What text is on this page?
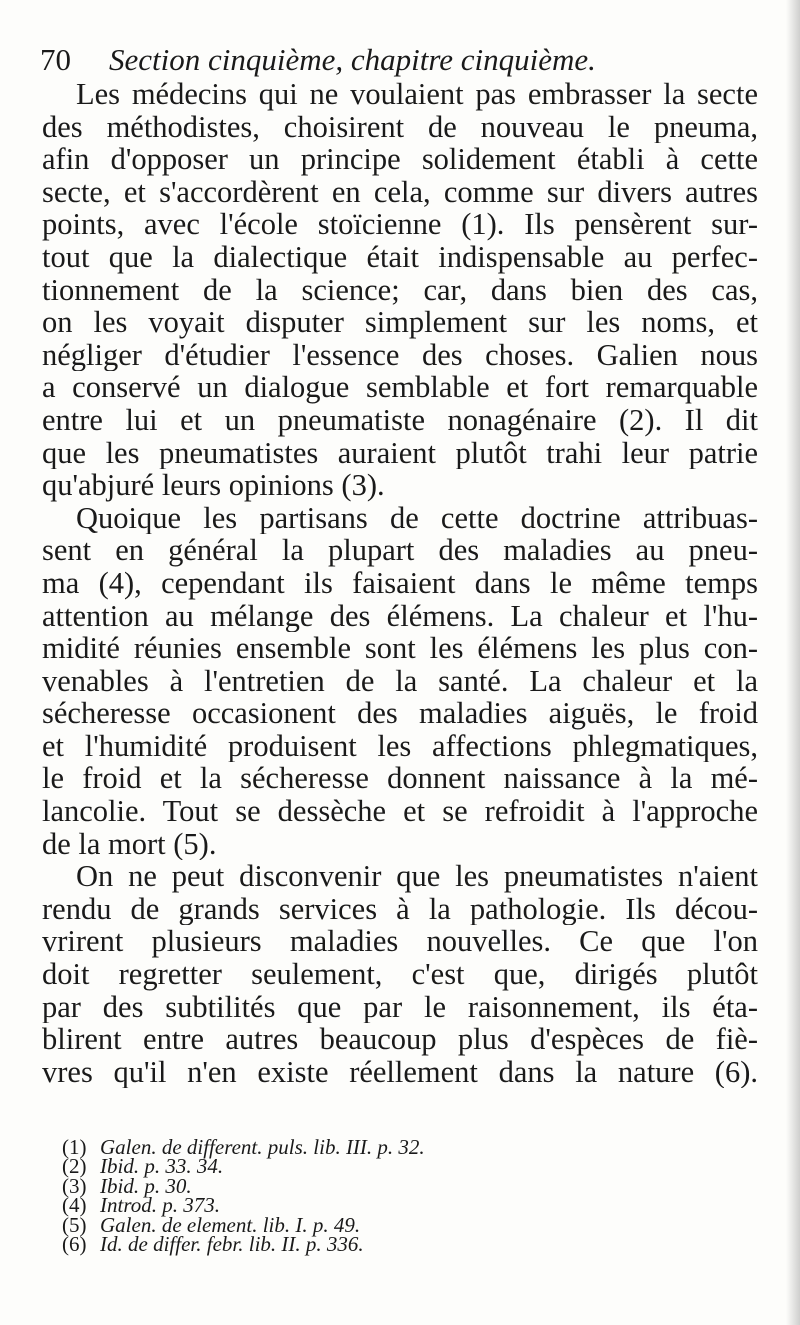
70 Section cinquième, chapitre cinquième.
Les médecins qui ne voulaient pas embrasser la secte
des méthodistes, choisirent de nouveau le pneuma,
afin d'opposer un principe solidement établi à cette
secte, et s'accordèrent en cela, comme sur divers autres
points, avec l'école stoïcienne (1). Ils pensèrent sur-
tout que la dialectique était indispensable au perfec-
tionnement de la science; car, dans bien des cas,
on les voyait disputer simplement sur les noms, et
négliger d'étudier l'essence des choses. Galien nous
a conservé un dialogue semblable et fort remarquable
entre lui et un pneumatiste nonagénaire (2). Il dit
que les pneumatistes auraient plutôt trahi leur patrie
qu'abjuré leurs opinions (3).
Quoique les partisans de cette doctrine attribuas-
sent en général la plupart des maladies au pneu-
ma (4), cependant ils faisaient dans le même temps
attention au mélange des élémens. La chaleur et l'hu-
midité réunies ensemble sont les élémens les plus con-
venables à l'entretien de la santé. La chaleur et la
sécheresse occasionent des maladies aiguës, le froid
et l'humidité produisent les affections phlegmatiques,
le froid et la sécheresse donnent naissance à la mé-
lancolie. Tout se dessèche et se refroidit à l'approche
de la mort (5).
On ne peut disconvenir que les pneumatistes n'aient
rendu de grands services à la pathologie. Ils décou-
vrirent plusieurs maladies nouvelles. Ce que l'on
doit regretter seulement, c'est que, dirigés plutôt
par des subtilités que par le raisonnement, ils éta-
blirent entre autres beaucoup plus d'espèces de fiè-
vres qu'il n'en existe réellement dans la nature (6).
(1) Galen. de different. puls. lib. III. p. 32.
(2) Ibid. p. 33. 34.
(3) Ibid. p. 30.
(4) Introd. p. 373.
(5) Galen. de element. lib. I. p. 49.
(6) Id. de differ. febr. lib. II. p. 336.
